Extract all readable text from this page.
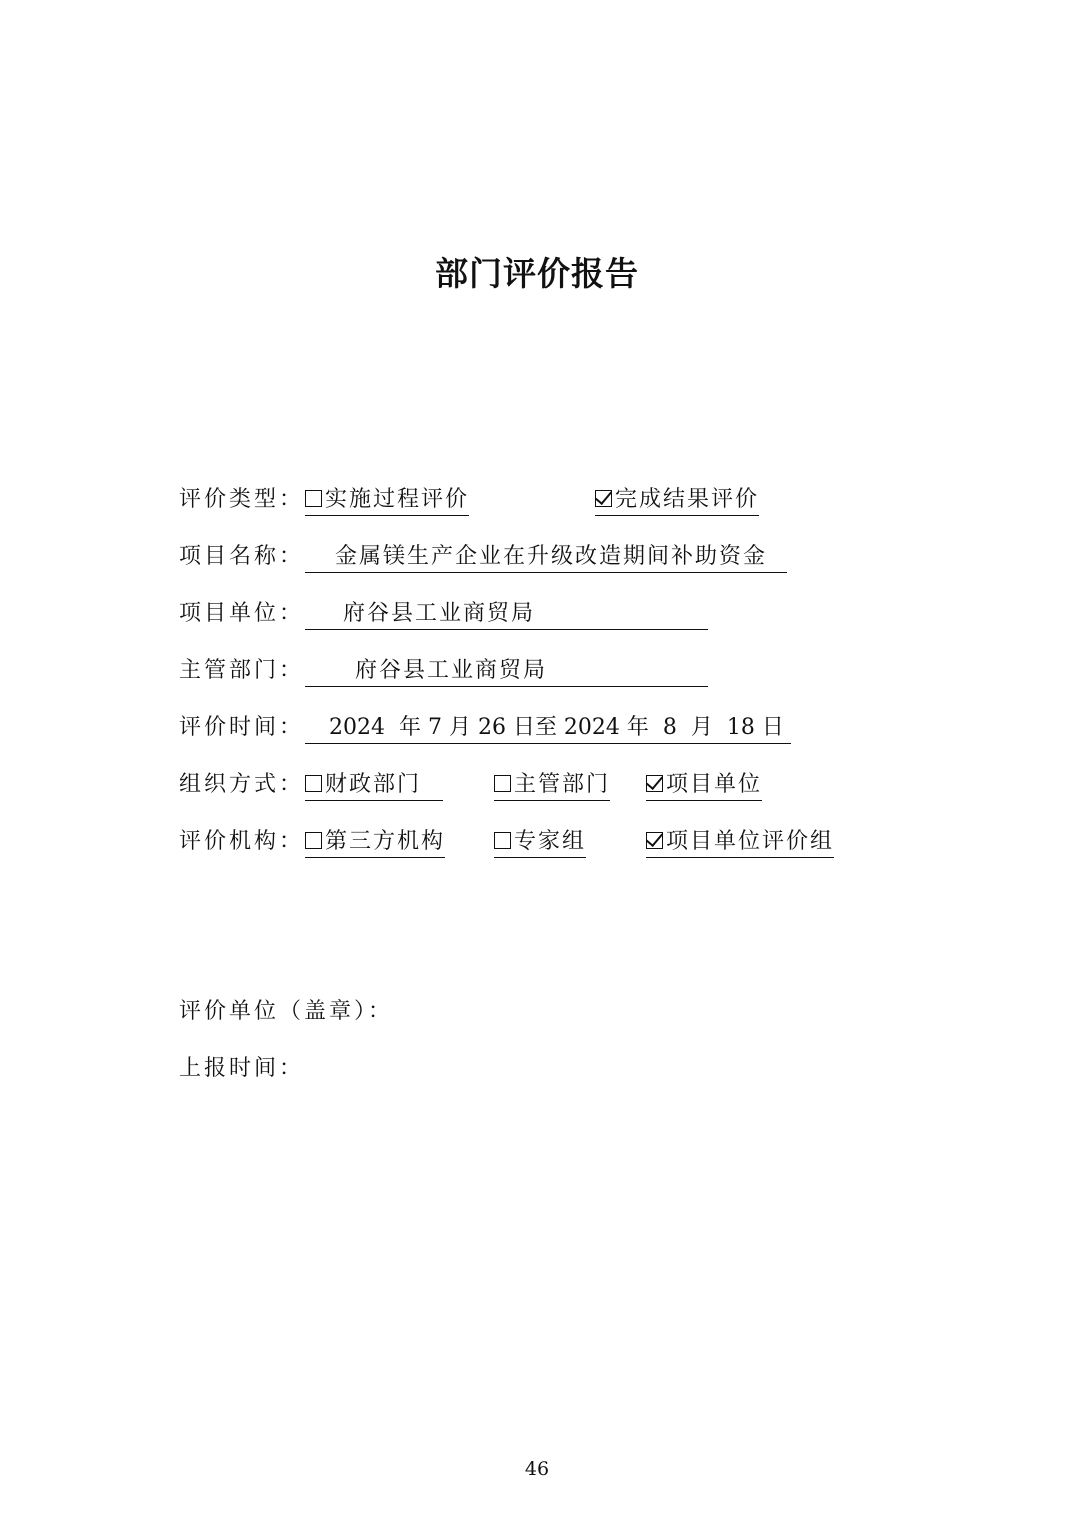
部门评价报告
评价类型： 实施过程评价	完成结果评价
项目名称：	金属镁生产企业在升级改造期间补助资金
项目单位：	府谷县工业商贸局
主管部门：	府谷县工业商贸局
评价时间：	2024  年 7 月 26 日至 2024 年  8  月  18 日
组织方式： 财政部门	主管部门	项目单位
评价机构： 第三方机构	专家组	项目单位评价组
评价单位（盖章）：
上报时间：
46
